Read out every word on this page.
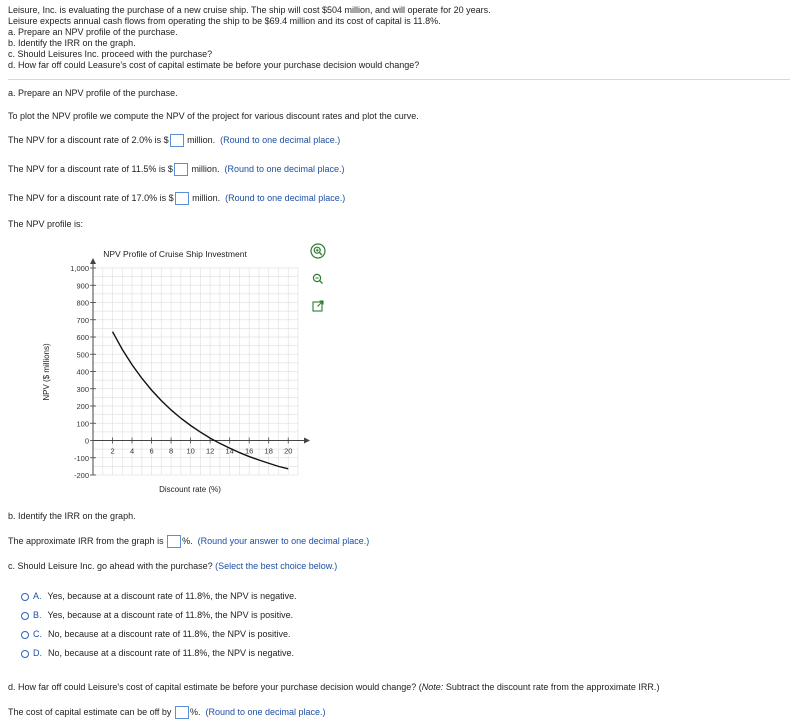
Leisure, Inc. is evaluating the purchase of a new cruise ship. The ship will cost $504 million, and will operate for 20 years.
Leisure expects annual cash flows from operating the ship to be $69.4 million and its cost of capital is 11.8%.
a. Prepare an NPV profile of the purchase.
b. Identify the IRR on the graph.
c. Should Leisures Inc. proceed with the purchase?
d. How far off could Leasure's cost of capital estimate be before your purchase decision would change?
a. Prepare an NPV profile of the purchase.
To plot the NPV profile we compute the NPV of the project for various discount rates and plot the curve.
The NPV for a discount rate of 2.0% is $ million. (Round to one decimal place.)
The NPV for a discount rate of 11.5% is $ million. (Round to one decimal place.)
The NPV for a discount rate of 17.0% is $ million. (Round to one decimal place.)
The NPV profile is:
1,000
900
800
700
600
500
400
300
200
100
0
-100
-200
2 4 6 8 10 12 14 16 18 20
NPV Profile of Cruise Ship Investment
Discount rate (%)
NPV ($ millions)
b. Identify the IRR on the graph.
The approximate IRR from the graph is %. (Round your answer to one decimal place.)
c. Should Leisure Inc. go ahead with the purchase? (Select the best choice below.)
A. Yes, because at a discount rate of 11.8%, the NPV is negative.
B. Yes, because at a discount rate of 11.8%, the NPV is positive.
C. No, because at a discount rate of 11.8%, the NPV is positive.
D. No, because at a discount rate of 11.8%, the NPV is negative.
d. How far off could Leisure's cost of capital estimate be before your purchase decision would change? (Note: Subtract the discount rate from the approximate IRR.)
The cost of capital estimate can be off by %. (Round to one decimal place.)
